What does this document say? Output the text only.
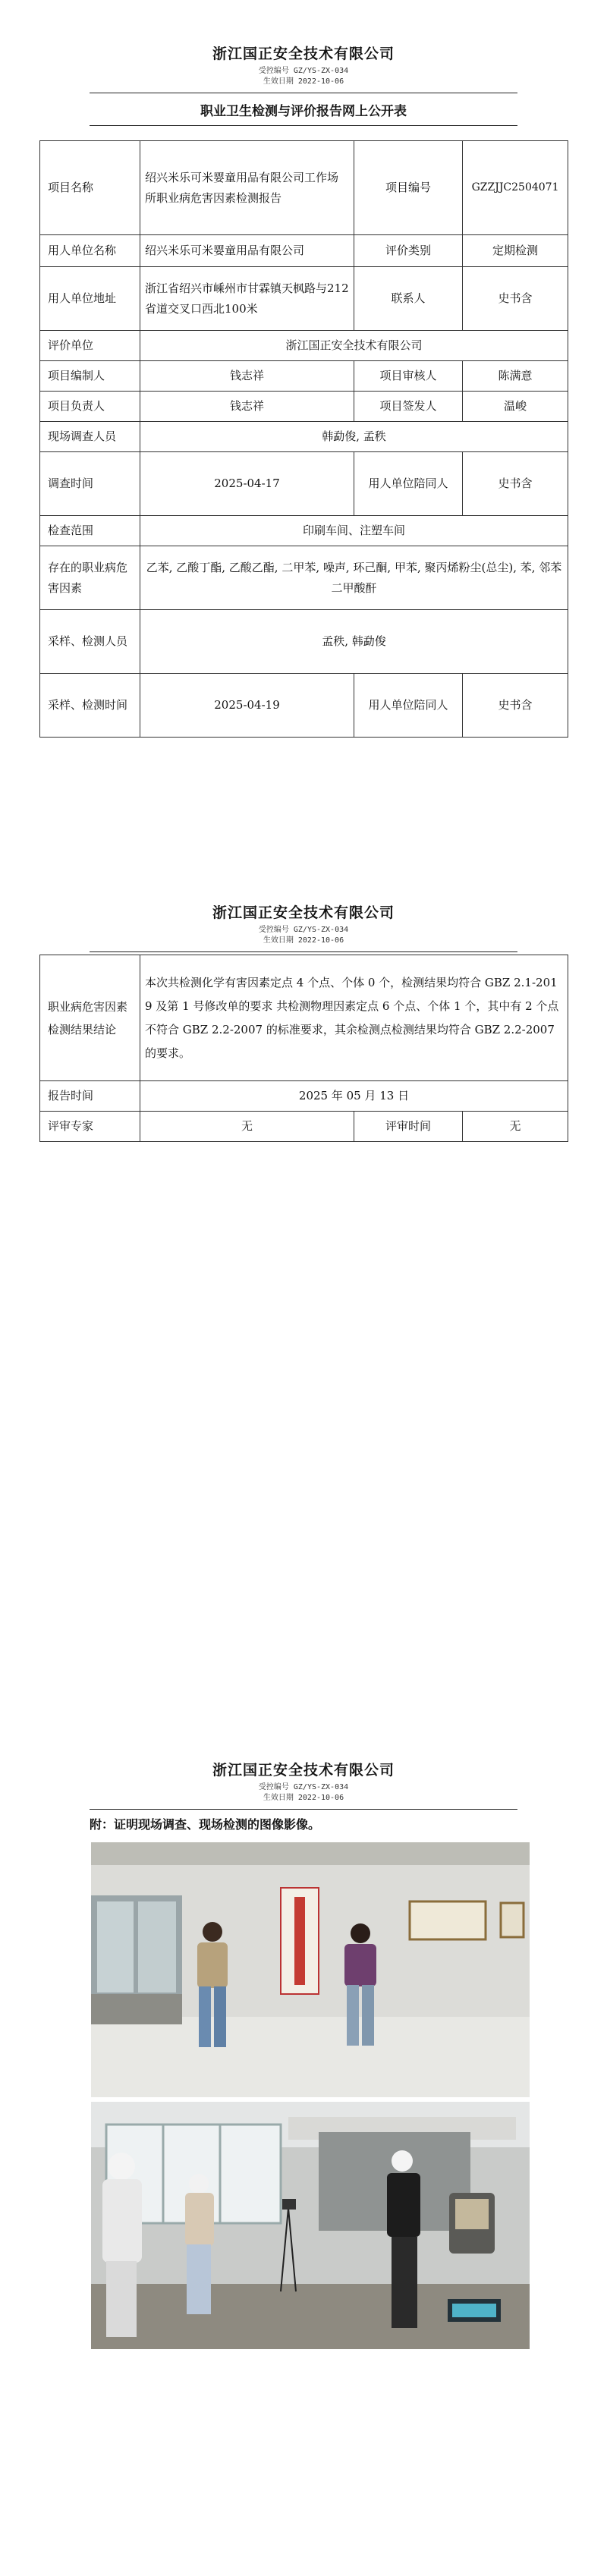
浙江国正安全技术有限公司
受控编号 GZ/YS-ZX-034
生效日期 2022-10-06
职业卫生检测与评价报告网上公开表
项目名称	绍兴米乐可米婴童用品有限公司工作场所职业病危害因素检测报告	项目编号	GZZJJC2504071
用人单位名称	绍兴米乐可米婴童用品有限公司	评价类别	定期检测
用人单位地址	浙江省绍兴市嵊州市甘霖镇天枫路与212省道交叉口西北100米	联系人	史书含
评价单位	浙江国正安全技术有限公司		
项目编制人	钱志祥	项目审核人	陈满意
项目负责人	钱志祥	项目签发人	温峻
现场调查人员	韩勐俊, 孟秩		
调查时间	2025-04-17	用人单位陪同人	史书含
检查范围	印刷车间、注塑车间		
存在的职业病危害因素	乙苯, 乙酸丁酯, 乙酸乙酯, 二甲苯, 噪声, 环己酮, 甲苯, 聚丙烯粉尘(总尘), 苯, 邻苯二甲酸酐		
采样、检测人员	孟秩, 韩勐俊		
采样、检测时间	2025-04-19	用人单位陪同人	史书含
浙江国正安全技术有限公司
受控编号 GZ/YS-ZX-034
生效日期 2022-10-06
职业病危害因素检测结果结论	本次共检测化学有害因素定点 4 个点、个体 0 个，检测结果均符合 GBZ 2.1-2019 及第 1 号修改单的要求 共检测物理因素定点 6 个点、个体 1 个，其中有 2 个点不符合 GBZ 2.2-2007 的标准要求，其余检测点检测结果均符合 GBZ 2.2-2007 的要求。		
报告时间	2025 年 05 月 13 日		
评审专家	无	评审时间	无
浙江国正安全技术有限公司
受控编号 GZ/YS-ZX-034
生效日期 2022-10-06
附：证明现场调查、现场检测的图像影像。
